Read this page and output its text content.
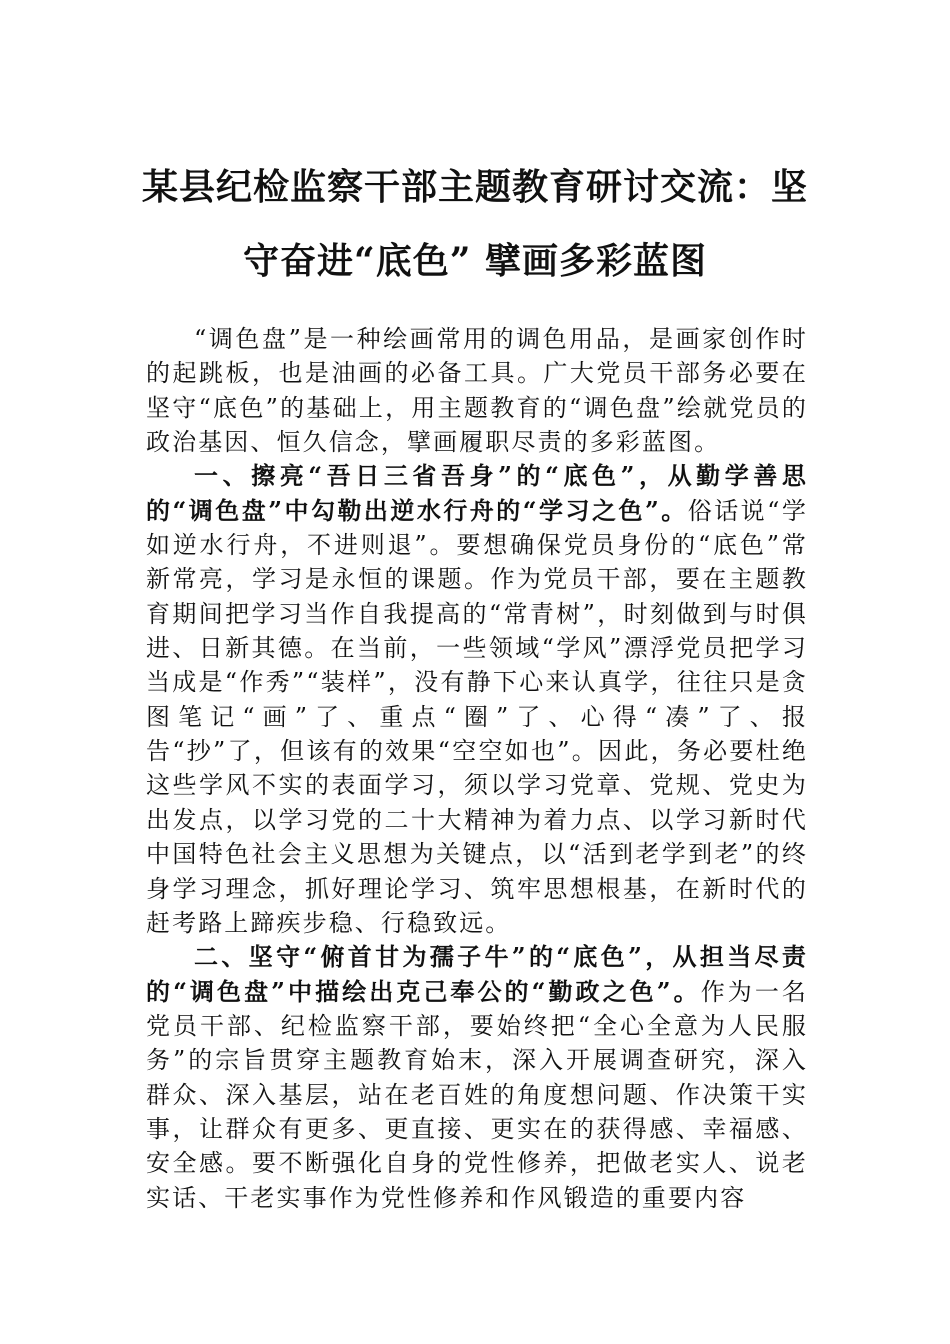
某县纪检监察干部主题教育研讨交流：坚
守奋进“底色” 擘画多彩蓝图

“调色盘”是一种绘画常用的调色用品，是画家创作时的起跳板，也是油画的必备工具。广大党员干部务必要在坚守“底色”的基础上，用主题教育的“调色盘”绘就党员的政治基因、恒久信念，擘画履职尽责的多彩蓝图。

一、擦亮“吾日三省吾身”的“底色”，从勤学善思的“调色盘”中勾勒出逆水行舟的“学习之色”。俗话说“学如逆水行舟，不进则退”。要想确保党员身份的“底色”常新常亮，学习是永恒的课题。作为党员干部，要在主题教育期间把学习当作自我提高的“常青树”，时刻做到与时俱进、日新其德。在当前，一些领域“学风”漂浮党员把学习当成是“作秀”“装样”，没有静下心来认真学，往往只是贪图笔记“画”了、重点“圈”了、心得“凑”了、报告“抄”了，但该有的效果“空空如也”。因此，务必要杜绝这些学风不实的表面学习，须以学习党章、党规、党史为出发点，以学习党的二十大精神为着力点、以学习新时代中国特色社会主义思想为关键点，以“活到老学到老”的终身学习理念，抓好理论学习、筑牢思想根基，在新时代的赶考路上蹄疾步稳、行稳致远。

二、坚守“俯首甘为孺子牛”的“底色”，从担当尽责的“调色盘”中描绘出克己奉公的“勤政之色”。作为一名党员干部、纪检监察干部，要始终把“全心全意为人民服务”的宗旨贯穿主题教育始末，深入开展调查研究，深入群众、深入基层，站在老百姓的角度想问题、作决策干实事，让群众有更多、更直接、更实在的获得感、幸福感、安全感。要不断强化自身的党性修养，把做老实人、说老实话、干老实事作为党性修养和作风锻造的重要内容
